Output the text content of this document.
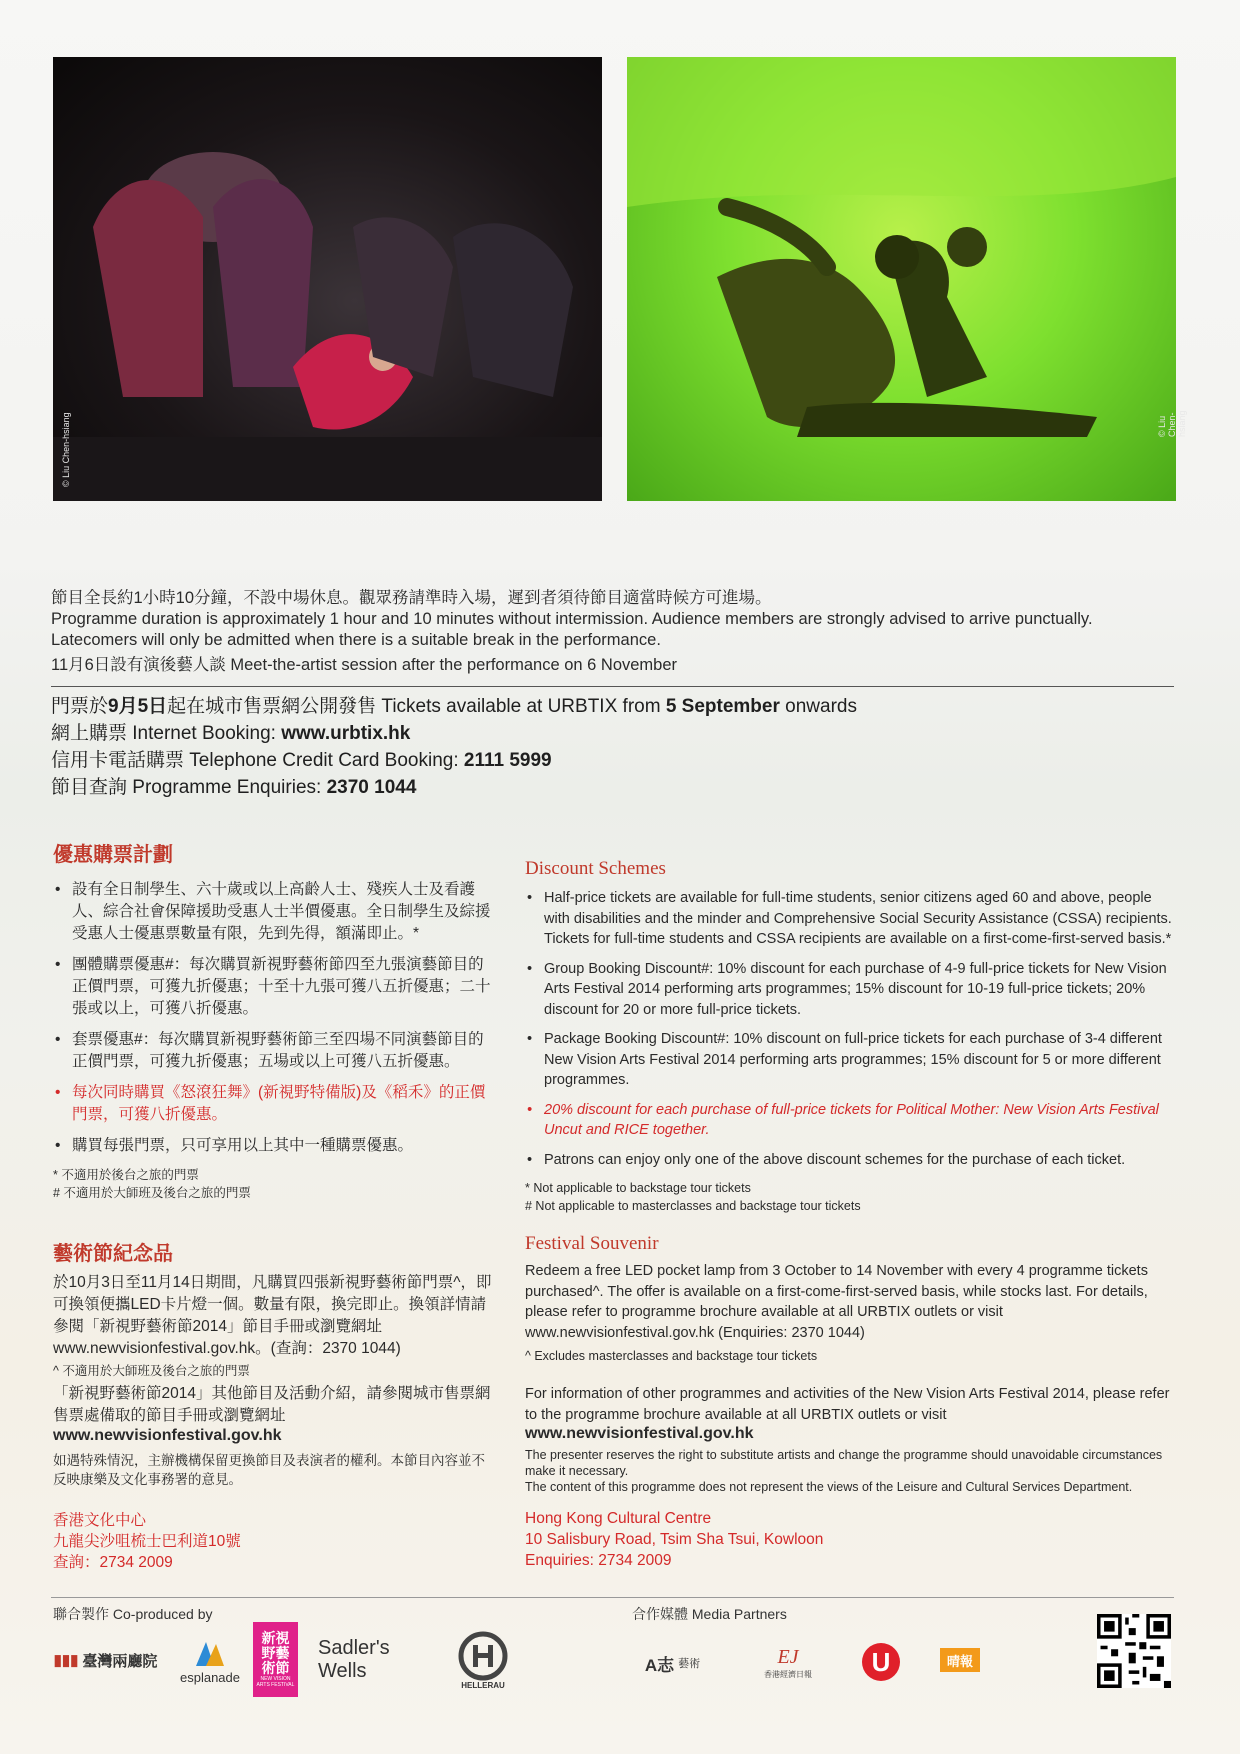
© Liu Chen-hsiang	© Liu Chen-hsiang
節目全長約1小時10分鐘，不設中場休息。觀眾務請準時入場，遲到者須待節目適當時候方可進場。
Programme duration is approximately 1 hour and 10 minutes without intermission. Audience members are strongly advised to arrive punctually. Latecomers will only be admitted when there is a suitable break in the performance.
11月6日設有演後藝人談 Meet-the-artist session after the performance on 6 November
門票於9月5日起在城市售票網公開發售 Tickets available at URBTIX from 5 September onwards
網上購票 Internet Booking: www.urbtix.hk
信用卡電話購票 Telephone Credit Card Booking: 2111 5999
節目查詢 Programme Enquiries: 2370 1044
優惠購票計劃
• 設有全日制學生、六十歲或以上高齡人士、殘疾人士及看護人、綜合社會保障援助受惠人士半價優惠。全日制學生及綜援受惠人士優惠票數量有限，先到先得，額滿即止。*
• 團體購票優惠#：每次購買新視野藝術節四至九張演藝節目的正價門票，可獲九折優惠；十至十九張可獲八五折優惠；二十張或以上，可獲八折優惠。
• 套票優惠#：每次購買新視野藝術節三至四場不同演藝節目的正價門票，可獲九折優惠；五場或以上可獲八五折優惠。
• 每次同時購買《怒滾狂舞》(新視野特備版)及《稻禾》的正價門票，可獲八折優惠。
• 購買每張門票，只可享用以上其中一種購票優惠。
* 不適用於後台之旅的門票
# 不適用於大師班及後台之旅的門票
藝術節紀念品
於10月3日至11月14日期間，凡購買四張新視野藝術節門票^，即可換領便攜LED卡片燈一個。數量有限，換完即止。換領詳情請參閱「新視野藝術節2014」節目手冊或瀏覽網址 www.newvisionfestival.gov.hk。(查詢：2370 1044)
^ 不適用於大師班及後台之旅的門票
「新視野藝術節2014」其他節目及活動介紹，請參閱城市售票網售票處備取的節目手冊或瀏覽網址
www.newvisionfestival.gov.hk
如遇特殊情況，主辦機構保留更換節目及表演者的權利。本節目內容並不反映康樂及文化事務署的意見。
香港文化中心
九龍尖沙咀梳士巴利道10號
查詢：2734 2009
Discount Schemes
• Half-price tickets are available for full-time students, senior citizens aged 60 and above, people with disabilities and the minder and Comprehensive Social Security Assistance (CSSA) recipients. Tickets for full-time students and CSSA recipients are available on a first-come-first-served basis.*
• Group Booking Discount#: 10% discount for each purchase of 4-9 full-price tickets for New Vision Arts Festival 2014 performing arts programmes; 15% discount for 10-19 full-price tickets; 20% discount for 20 or more full-price tickets.
• Package Booking Discount#: 10% discount on full-price tickets for each purchase of 3-4 different New Vision Arts Festival 2014 performing arts programmes; 15% discount for 5 or more different programmes.
• 20% discount for each purchase of full-price tickets for Political Mother: New Vision Arts Festival Uncut and RICE together.
• Patrons can enjoy only one of the above discount schemes for the purchase of each ticket.
* Not applicable to backstage tour tickets
# Not applicable to masterclasses and backstage tour tickets
Festival Souvenir
Redeem a free LED pocket lamp from 3 October to 14 November with every 4 programme tickets purchased^. The offer is available on a first-come-first-served basis, while stocks last. For details, please refer to programme brochure available at all URBTIX outlets or visit www.newvisionfestival.gov.hk (Enquiries: 2370 1044)
^ Excludes masterclasses and backstage tour tickets
For information of other programmes and activities of the New Vision Arts Festival 2014, please refer to the programme brochure available at all URBTIX outlets or visit
www.newvisionfestival.gov.hk
The presenter reserves the right to substitute artists and change the programme should unavoidable circumstances make it necessary.
The content of this programme does not represent the views of the Leisure and Cultural Services Department.
Hong Kong Cultural Centre
10 Salisbury Road, Tsim Sha Tsui, Kowloon
Enquiries: 2734 2009
聯合製作 Co-produced by	合作媒體 Media Partners
▮▮▮ 臺灣兩廳院
esplanade
新視野藝術節
NEW VISION ARTS FESTIVAL
Sadler's Wells
HELLERAU
A志 藝術	EJ
香港經濟日報	U	晴報
